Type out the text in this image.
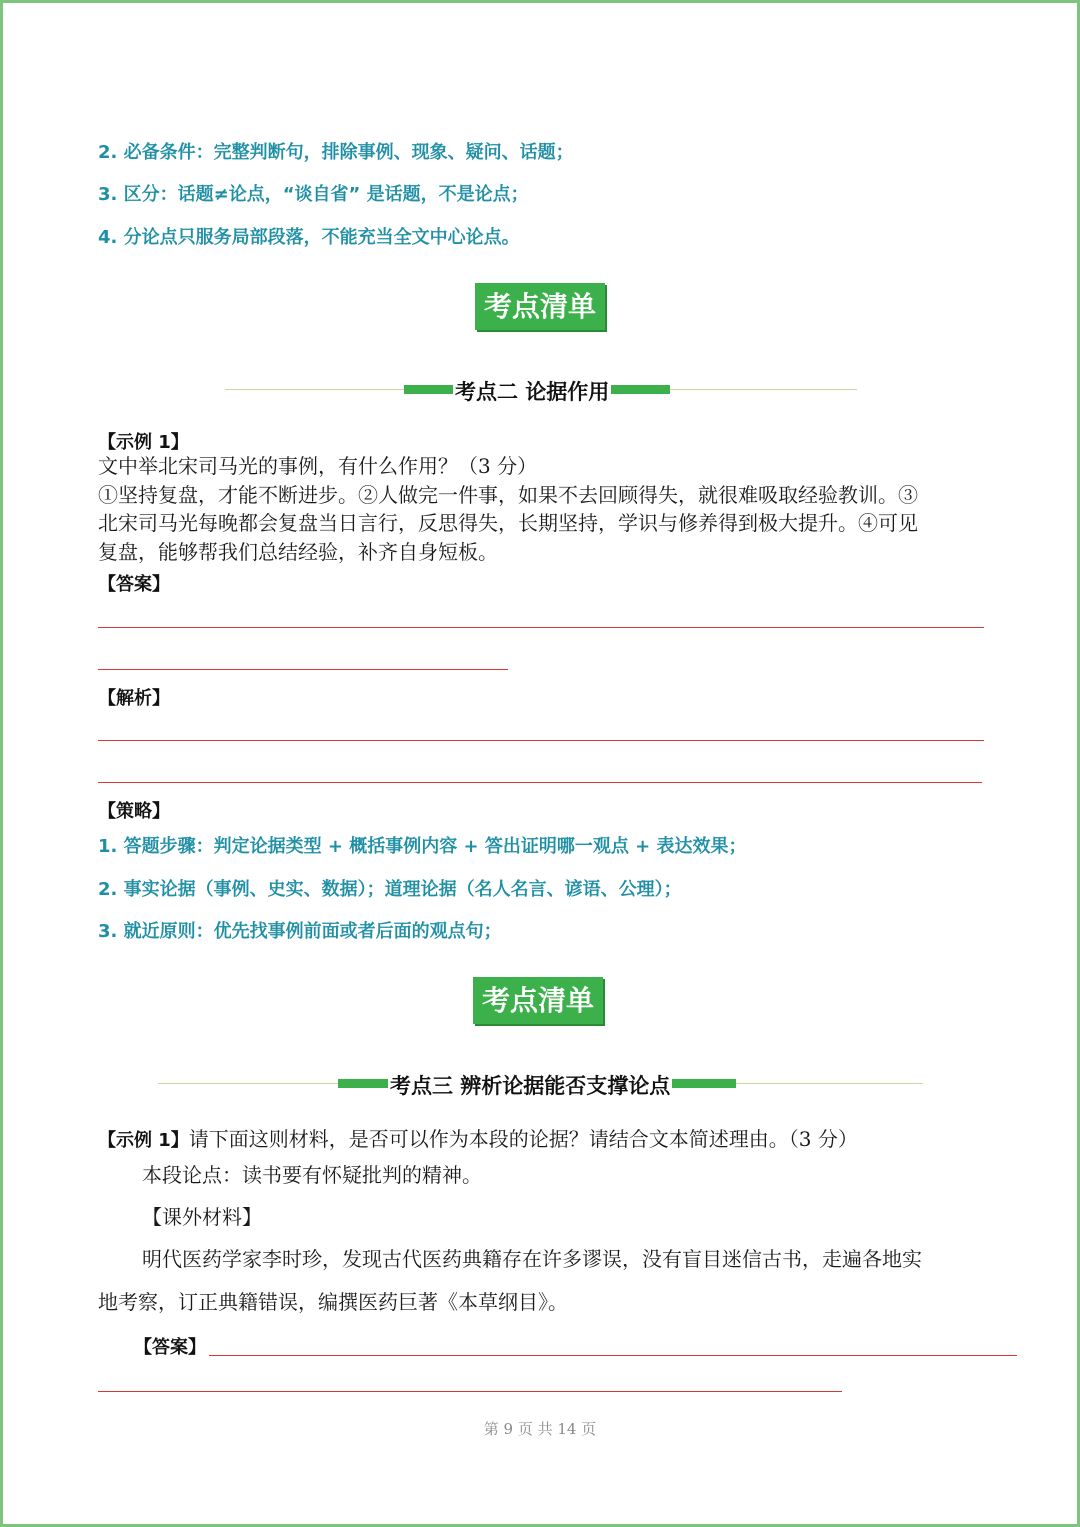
2. 必备条件：完整判断句，排除事例、现象、疑问、话题；
3. 区分：话题≠论点，“谈自省” 是话题，不是论点；
4. 分论点只服务局部段落，不能充当全文中心论点。
考点清单
考点二 论据作用
【示例 1】
文中举北宋司马光的事例，有什么作用？（3 分）
①坚持复盘，才能不断进步。②人做完一件事，如果不去回顾得失，就很难吸取经验教训。③
北宋司马光每晚都会复盘当日言行，反思得失，长期坚持，学识与修养得到极大提升。④可见
复盘，能够帮我们总结经验，补齐自身短板。
【答案】
【解析】
【策略】
1. 答题步骤：判定论据类型 + 概括事例内容 + 答出证明哪一观点 + 表达效果；
2. 事实论据（事例、史实、数据）；道理论据（名人名言、谚语、公理）；
3. 就近原则：优先找事例前面或者后面的观点句；
考点清单
考点三 辨析论据能否支撑论点
【示例 1】请下面这则材料，是否可以作为本段的论据？请结合文本简述理由。（3 分）
本段论点：读书要有怀疑批判的精神。
【课外材料】
明代医药学家李时珍，发现古代医药典籍存在许多谬误，没有盲目迷信古书，走遍各地实
地考察，订正典籍错误，编撰医药巨著《本草纲目》。
【答案】
第 9 页 共 14 页
